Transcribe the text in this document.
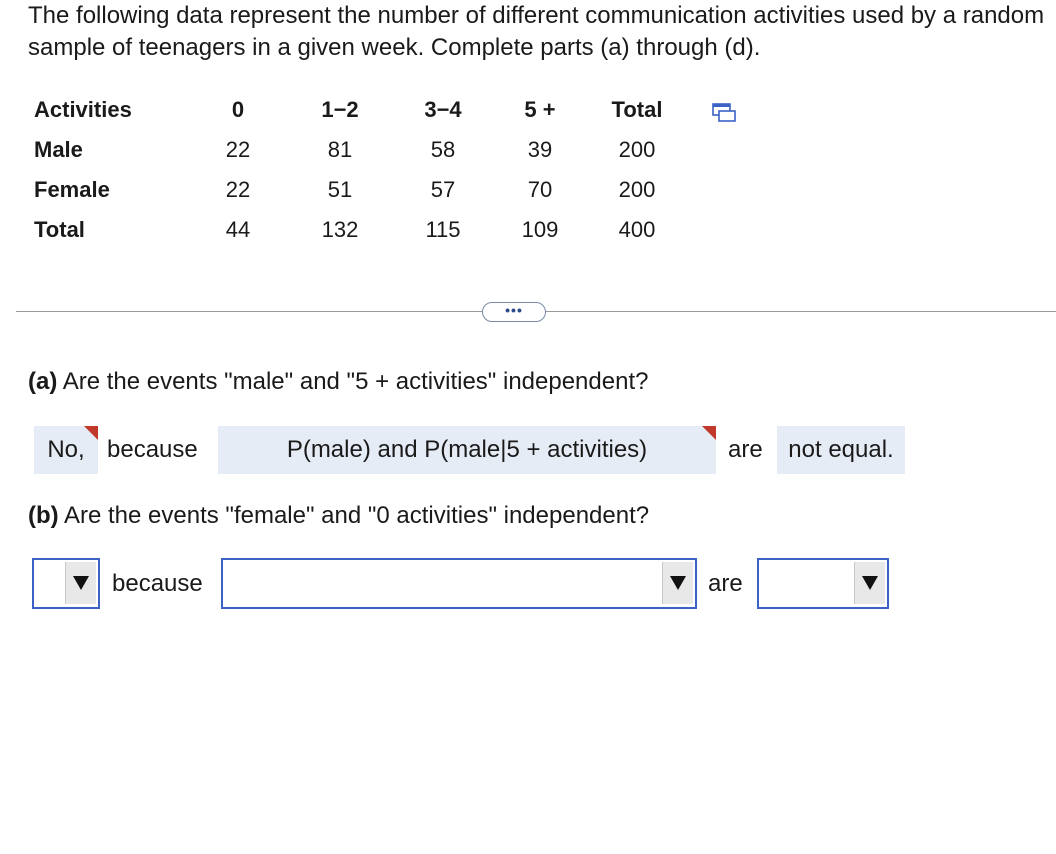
The following data represent the number of different communication activities used by a random sample of teenagers in a given week. Complete parts (a) through (d).
Activities	0	1−2	3−4	5 +	Total
Male	22	81	58	39	200
Female	22	51	57	70	200
Total	44	132	115	109	400
•••
(a) Are the events "male" and "5 + activities" independent?
No, because	P(male) and P(male|5 + activities)	are not equal.
(b) Are the events "female" and "0 activities" independent?
because	are
